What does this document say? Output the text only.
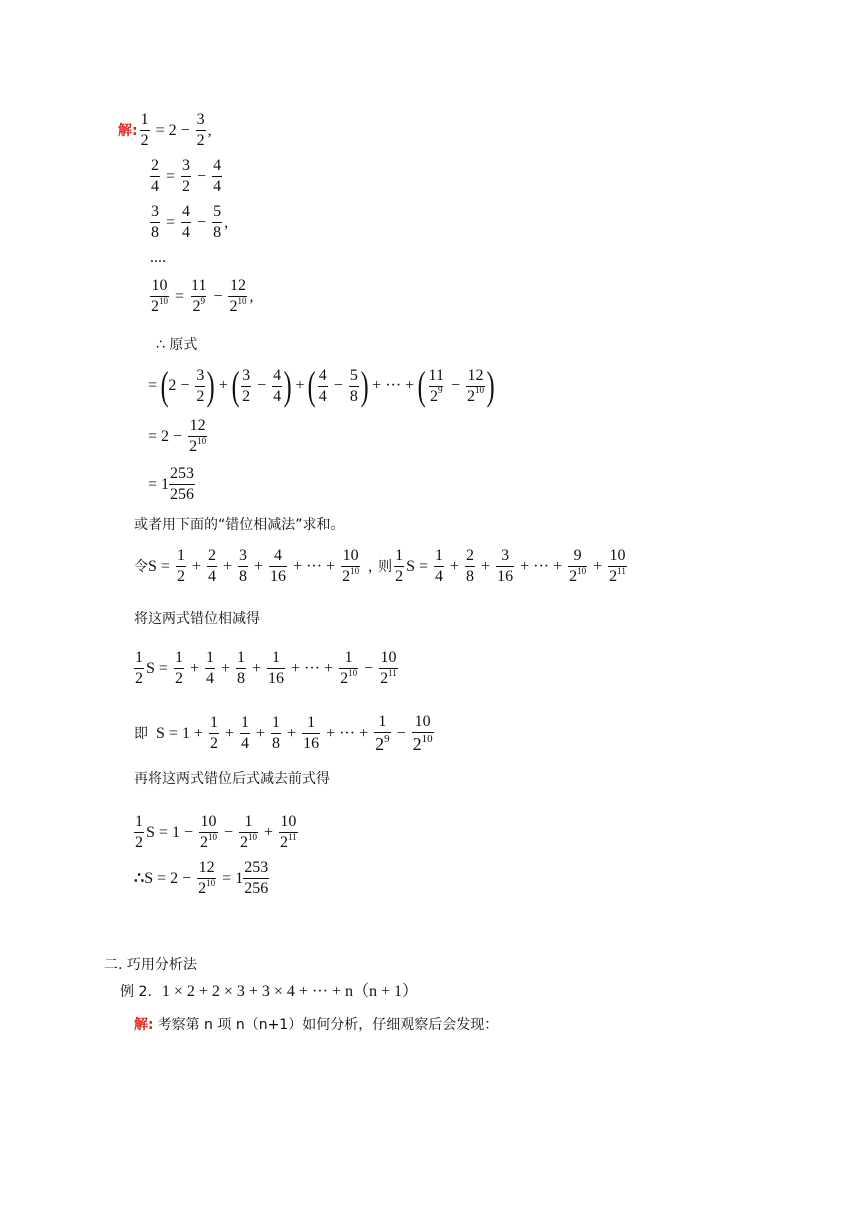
解: $\frac{1}{2} = 2 - \frac{3}{2}$ ,
$\frac{2}{4} = \frac{3}{2} - \frac{4}{4}$
$\frac{3}{8} = \frac{4}{4} - \frac{5}{8}$ ,
....
$\frac{10}{2^{10}} = \frac{11}{2^9} - \frac{12}{2^{10}}$ ,
∴ 原式
= ( $2 - \frac{3}{2}$ ) + ( $\frac{3}{2} - \frac{4}{4}$ ) + ( $\frac{4}{4} - \frac{5}{8}$ ) + ··· + ( $\frac{11}{2^9} - \frac{12}{2^{10}}$ )
= $2 - \frac{12}{2^{10}}$
= $1 \frac{253}{256}$
或者用下面的“错位相减法”求和。
令 $S = \frac{1}{2} + \frac{2}{4} + \frac{3}{8} + \frac{4}{16}$ + ··· + $\frac{10}{2^{10}}$ , 则 $\frac{1}{2}$ $S = \frac{1}{4} + \frac{2}{8} + \frac{3}{16}$ + ··· + $\frac{9}{2^{10}} + \frac{10}{2^{11}}$
将这两式错位相减得
$\frac{1}{2}$ $S = \frac{1}{2} + \frac{1}{4} + \frac{1}{8} + \frac{1}{16}$ + ··· + $\frac{1}{2^{10}} - \frac{10}{2^{11}}$
即 $S = 1 + \frac{1}{2} + \frac{1}{4} + \frac{1}{8} + \frac{1}{16}$ + ··· + $\frac{1}{2^9} - \frac{10}{2^{10}}$
再将这两式错位后式减去前式得
$\frac{1}{2}$ $S = 1 - \frac{10}{2^{10}} - \frac{1}{2^{10}} + \frac{10}{2^{11}}$
∴ $S = 2 - \frac{12}{2^{10}} = 1 \frac{253}{256}$
二. 巧用分析法
例 2. 1 × 2 + 2 × 3 + 3 × 4 + ··· + n（n + 1）
解: 考察第 n 项 n（n+1）如何分析，仔细观察后会发现：
